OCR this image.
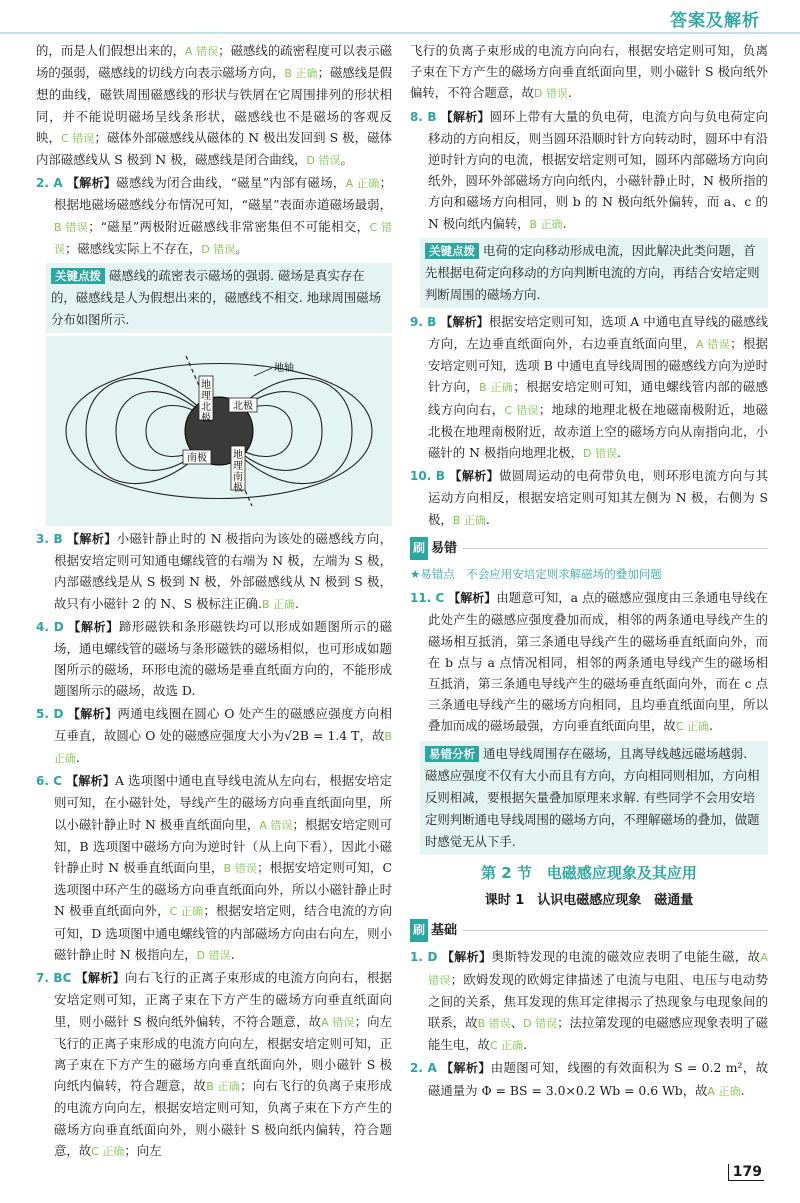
答案及解析

的，而是人们假想出来的，A 错误；磁感线的疏密程度可以表示磁场的强弱，磁感线的切线方向表示磁场方向，B 正确；磁感线是假想的曲线，磁铁周围磁感线的形状与铁屑在它周围排列的形状相同，并不能说明磁场呈线条形状，磁感线也不是磁场的客观反映，C 错误；磁体外部磁感线从磁体的 N 极出发回到 S 极，磁体内部磁感线从 S 极到 N 极，磁感线是闭合曲线，D 错误。

2. A 【解析】磁感线为闭合曲线，“磁星”内部有磁场，A 正确；根据地磁场磁感线分布情况可知，“磁星”表面赤道磁场最弱，B 错误；“磁星”两极附近磁感线非常密集但不可能相交，C 错误；磁感线实际上不存在，D 错误。

关键点拨 磁感线的疏密表示磁场的强弱. 磁场是真实存在的，磁感线是人为假想出来的，磁感线不相交. 地球周围磁场分布如图所示.
地
理
北
极
地
理
南
极
北极
南极
地轴

3. B 【解析】小磁针静止时的 N 极指向为该处的磁感线方向，根据安培定则可知通电螺线管的右端为 N 极，左端为 S 极，内部磁感线是从 S 极到 N 极，外部磁感线从 N 极到 S 极，故只有小磁针 2 的 N、S 极标注正确.B 正确.

4. D 【解析】蹄形磁铁和条形磁铁均可以形成如题图所示的磁场，通电螺线管的磁场与条形磁铁的磁场相似，也可形成如题图所示的磁场，环形电流的磁场是垂直纸面方向的，不能形成题图所示的磁场，故选 D.

5. D 【解析】两通电线圈在圆心 O 处产生的磁感应强度方向相互垂直，故圆心 O 处的磁感应强度大小为√2B = 1.4 T，故B 正确.

6. C 【解析】A 选项图中通电直导线电流从左向右，根据安培定则可知，在小磁针处，导线产生的磁场方向垂直纸面向里，所以小磁针静止时 N 极垂直纸面向里，A 错误；根据安培定则可知，B 选项图中磁场方向为逆时针（从上向下看），因此小磁针静止时 N 极垂直纸面向里，B 错误；根据安培定则可知，C 选项图中环产生的磁场方向垂直纸面向外，所以小磁针静止时 N 极垂直纸面向外，C 正确；根据安培定则，结合电流的方向可知，D 选项图中通电螺线管的内部磁场方向由右向左，则小磁针静止时 N 极指向左，D 错误.

7. BC 【解析】向右飞行的正离子束形成的电流方向向右，根据安培定则可知，正离子束在下方产生的磁场方向垂直纸面向里，则小磁针 S 极向纸外偏转，不符合题意，故A 错误；向左飞行的正离子束形成的电流方向向左，根据安培定则可知，正离子束在下方产生的磁场方向垂直纸面向外，则小磁针 S 极向纸内偏转，符合题意，故B 正确；向右飞行的负离子束形成的电流方向向左，根据安培定则可知，负离子束在下方产生的磁场方向垂直纸面向外，则小磁针 S 极向纸内偏转，符合题意，故C 正确；向左

飞行的负离子束形成的电流方向向右，根据安培定则可知，负离子束在下方产生的磁场方向垂直纸面向里，则小磁针 S 极向纸外偏转，不符合题意，故D 错误.

8. B 【解析】圆环上带有大量的负电荷，电流方向与负电荷定向移动的方向相反，则当圆环沿顺时针方向转动时，圆环中有沿逆时针方向的电流，根据安培定则可知，圆环内部磁场方向向纸外，圆环外部磁场方向向纸内，小磁针静止时，N 极所指的方向和磁场方向相同，则 b 的 N 极向纸外偏转，而 a、c 的 N 极向纸内偏转，B 正确.

关键点拨 电荷的定向移动形成电流，因此解决此类问题，首先根据电荷定向移动的方向判断电流的方向，再结合安培定则判断周围的磁场方向.

9. B 【解析】根据安培定则可知，选项 A 中通电直导线的磁感线方向，左边垂直纸面向外，右边垂直纸面向里，A 错误；根据安培定则可知，选项 B 中通电直导线周围的磁感线方向为逆时针方向，B 正确；根据安培定则可知，通电螺线管内部的磁感线方向向右，C 错误；地球的地理北极在地磁南极附近，地磁北极在地理南极附近，故赤道上空的磁场方向从南指向北，小磁针的 N 极指向地理北极，D 错误.

10. B 【解析】做圆周运动的电荷带负电，则环形电流方向与其运动方向相反，根据安培定则可知其左侧为 N 极，右侧为 S 极，B 正确.

刷 易错
★易错点　不会应用安培定则求解磁场的叠加问题

11. C 【解析】由题意可知，a 点的磁感应强度由三条通电导线在此处产生的磁感应强度叠加而成，相邻的两条通电导线产生的磁场相互抵消，第三条通电导线产生的磁场垂直纸面向外，而在 b 点与 a 点情况相同，相邻的两条通电导线产生的磁场相互抵消，第三条通电导线产生的磁场垂直纸面向外，而在 c 点三条通电导线产生的磁场方向相同，且均垂直纸面向里，所以叠加而成的磁场最强，方向垂直纸面向里，故C 正确.

易错分析 通电导线周围存在磁场，且离导线越远磁场越弱. 磁感应强度不仅有大小而且有方向，方向相同则相加，方向相反则相减，要根据矢量叠加原理来求解. 有些同学不会用安培定则判断通电导线周围的磁场方向，不理解磁场的叠加，做题时感觉无从下手.
第 2 节　电磁感应现象及其应用
课时 1　认识电磁感应现象　磁通量
刷 基础

1. D 【解析】奥斯特发现的电流的磁效应表明了电能生磁，故A 错误；欧姆发现的欧姆定律描述了电流与电阻、电压与电动势之间的关系，焦耳发现的焦耳定律揭示了热现象与电现象间的联系，故B 错误、D 错误；法拉第发现的电磁感应现象表明了磁能生电，故C 正确.

2. A 【解析】由题图可知，线圈的有效面积为 S = 0.2 m²，故磁通量为 Φ = BS = 3.0×0.2 Wb = 0.6 Wb，故A 正确.

179
